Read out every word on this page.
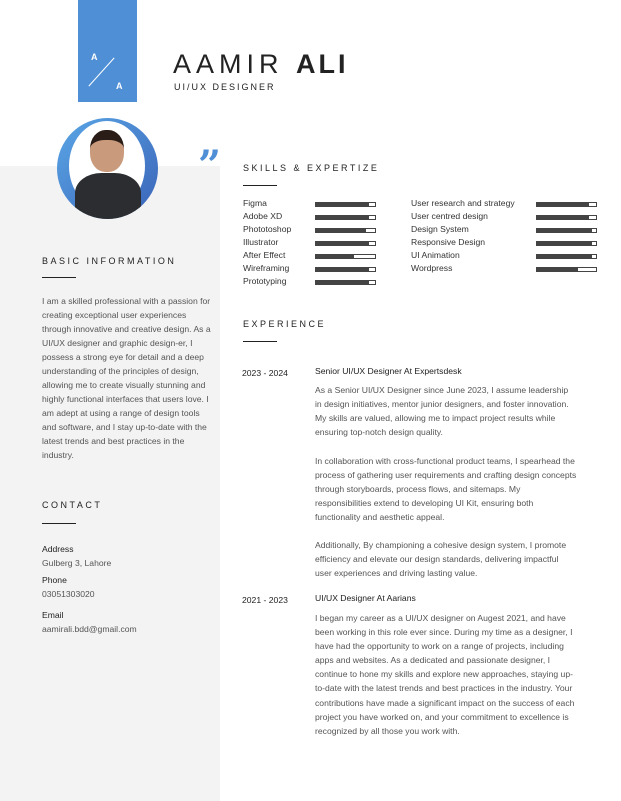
A
A
AAMIR ALI
UI/UX DESIGNER
”
BASIC INFORMATION
I am a skilled professional with a passion for creating exceptional user experiences through innovative and creative design. As a UI/UX designer and graphic design-er, I possess a strong eye for detail and a deep understanding of the principles of design, allowing me to create visually stunning and highly functional interfaces that users love. I am adept at using a range of design tools and software, and I stay up-to-date with the latest trends and best practices in the industry.
CONTACT
Address
Gulberg 3, Lahore
Phone
03051303020
Email
aamirali.bdd@gmail.com
SKILLS & EXPERTIZE
Figma
Adobe XD
Phototoshop
Illustrator
After Effect
Wireframing
Prototyping
User research and strategy
User centred design
Design System
Responsive Design
UI Animation
Wordpress
EXPERIENCE
2023 - 2024	Senior UI/UX Designer At Expertsdesk
As a Senior UI/UX Designer since June 2023, I assume leadership in design initiatives, mentor junior designers, and foster innovation. My skills are valued, allowing me to impact project results while ensuring top-notch design quality.
In collaboration with cross-functional product teams, I spearhead the process of gathering user requirements and crafting design concepts through storyboards, process flows, and sitemaps. My responsibilities extend to developing UI Kit, ensuring both functionality and aesthetic appeal.
Additionally, By championing a cohesive design system, I promote efficiency and elevate our design standards, delivering impactful user experiences and driving lasting value.
2021 - 2023	UI/UX Designer At Aarians
I began my career as a UI/UX designer on Augest 2021, and have been working in this role ever since. During my time as a designer, I have had the opportunity to work on a range of projects, including apps and websites. As a dedicated and passionate designer, I continue to hone my skills and explore new approaches, staying up-to-date with the latest trends and best practices in the industry. Your contributions have made a significant impact on the success of each project you have worked on, and your commitment to excellence is recognized by all those you work with.
